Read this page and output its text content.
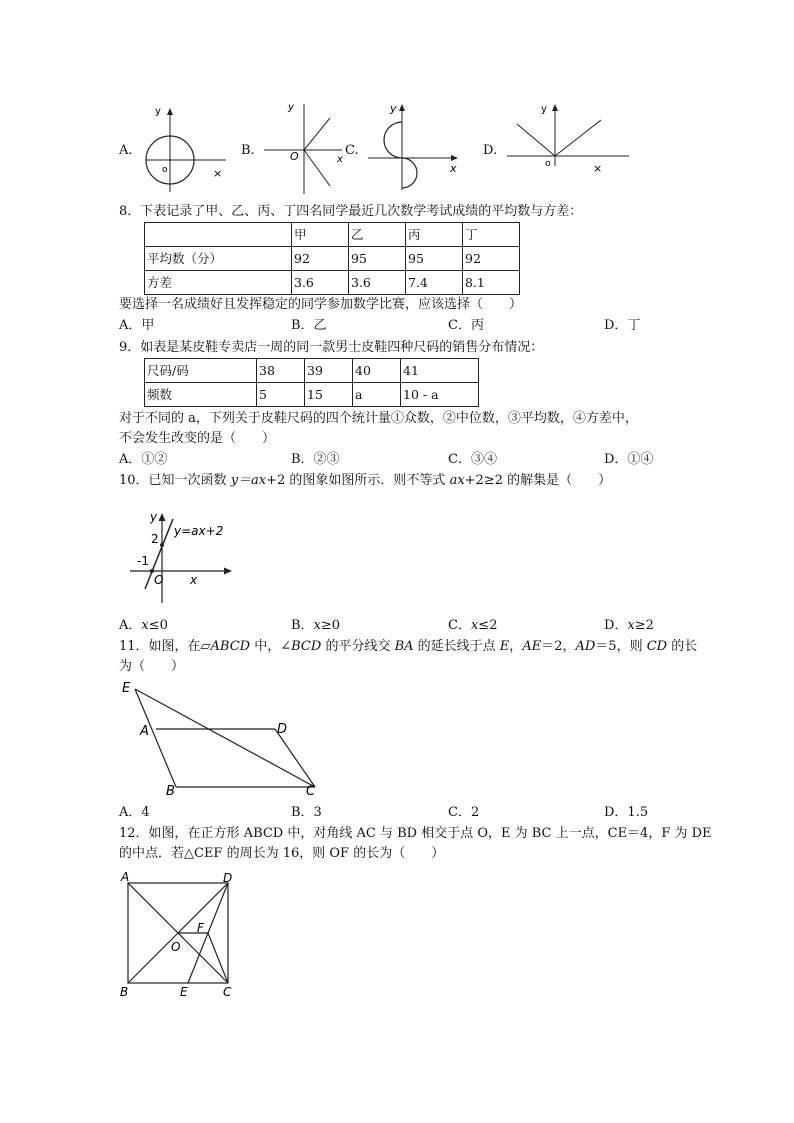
A.
y
×
o
B.
y
x
O	C.
y
x
D.
y
×
o
8．下表记录了甲、乙、丙、丁四名同学最近几次数学考试成绩的平均数与方差：
	甲	乙	丙	丁
平均数（分）	92	95	95	92
方差	3.6	3.6	7.4	8.1
要选择一名成绩好且发挥稳定的同学参加数学比赛，应该选择（　　）
A．甲	B．乙	C．丙	D．丁
9．如表是某皮鞋专卖店一周的同一款男士皮鞋四种尺码的销售分布情况：
尺码/码	38	39	40	41
频数	5	15	a	10 - a
对于不同的 a，下列关于皮鞋尺码的四个统计量①众数，②中位数，③平均数，④方差中，
不会发生改变的是（　　）
A．①②	B．②③	C．③④	D．①④
10．已知一次函数 y＝ax+2 的图象如图所示．则不等式 ax+2≥2 的解集是（　　）
y
x
O
y=ax+2
2
-1
A．x≤0	B．x≥0	C．x≤2	D．x≥2
11．如图，在▱ABCD 中，∠BCD 的平分线交 BA 的延长线于点 E，AE＝2，AD＝5，则 CD 的长
为（　　）
E
A	D
B	C
A．4	B．3	C．2	D．1.5
12．如图，在正方形 ABCD 中，对角线 AC 与 BD 相交于点 O，E 为 BC 上一点，CE＝4，F 为 DE
的中点．若△CEF 的周长为 16，则 OF 的长为（　　）
A	D
B	C
O
F
E
